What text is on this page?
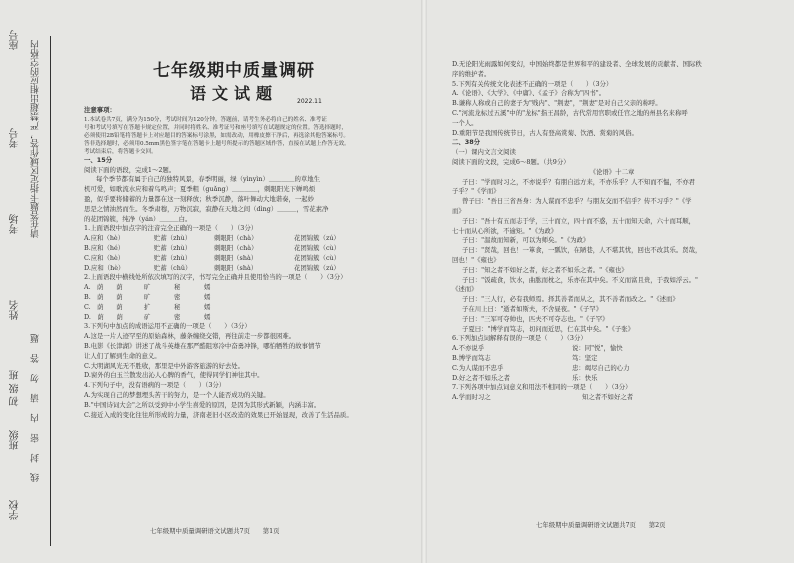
座号
考号
考场
姓名
初 级 班
班级
学校
请在答题卡指定区域作答，严禁超出相应的空格内
线 封 密 内 请 勿 答 题
七年级期中质量调研
语文试题	2022.11

注意事项：

1.本试卷共7页，满分为150分，考试时间为120分钟。答题前，请考生务必将自己的姓名、准考证

号和考试号填写在答题卡规定位置，并同时将姓名、准考证号和座号填写在试题规定的位置。答选择题时，

必须使用2B铅笔将答题卡上对应题目的答案标号涂黑，如需改动，用橡皮擦干净后，再选涂其他答案标号。

答非选择题时，必须用0.5mm黑色签字笔在答题卡上题号所提示的答题区域作答，直接在试题上作答无效。

考试结束后，将答题卡交回。

一、15分

阅读下面的语段，完成1～2题。

每个季节都有属于自己的独特风景，春季明丽，绿（yìnyìn）＿＿＿＿的草地生

机可爱，如歌流水应和着鸟鸣声；夏季粗（guǎng）＿＿＿＿，刺眼阳光下蝉鸣烦

盈，似乎要将储蓄的力量都在这一刻释放；秋季沉静，落叶舞动大地谐奏，一起妙

思是之情油然而生。冬季肃穆，万物沉寂，寂静在天地之间（dìng）＿＿＿，雪花素净

的花团锦簇，纯净（yán）＿＿＿白。

1.上面语段中加点字的注音完全正确的一项是（　　）（3分）

A.应和（hè）	贮蓄（zhù）	刺眼阳（chà）	花团锦簇（zú）
B.应和（hé）	贮蓄（zhù）	刺眼阳（chà）	花团锦簇（cù）
C.应和（hè）	贮蓄（zhù）	刺眼阳（shà）	花团锦簇（cù）
D.应和（hè）	贮蓄（chǔ）	刺眼阳（shà）	花团锦簇（zú）

2.上面语段中横线处所依次填写的汉字，书写完全正确并且使用恰当的一项是（　　）（3分）

A.　荫　　荫	旷	秘	嫣
B.　荫　　荫	旷	密	嫣
C.　荫　　荫	扩	秘	嫣
D.　荫　　荫	矿	密	嫣

3.下列句中加点的成语运用不正确的一项是（　　）（3分）

A.这是一片人迹罕至的原始森林，藤条缠绕交错，再往前走一步都很困难。

B.电影《长津湖》讲述了战斗英雄在那严酷阻寒冷中奋勇冲锋，哪怕牺牲的故事情节

让人们了解到生命的意义。

C.大明湖风光无不胜收，那里是中外游客旅游的好去处。

D.窗外的白玉兰散发出沁人心脾的香气，使得同学们神往其中。

4.下列句子中，没有语病的一项是（　　）（3分）

A.为实现自己的梦想埋头苦干的努力，是一个人能否成功的关键。

B."中国诗词大会"之所以受到中小学生喜爱的原因，是因为其形式新颖，内涵丰富。

C.接近入成的变化往往所形成的力量，济南老旧小区改造的效果已开始显现，改善了生活品质。

七年级期中质量调研语文试题共7页　　第1页

D.无论阳光雨露如何变幻，中国始终都是世界和平的建设者、全球发展的贡献者、国际秩

序的维护者。

5.下列有关传统文化表述不正确的一项是（　　）（3分）

A.《论语》、《大学》、《中庸》、《孟子》合称为"四书"。

B.谦称人称或自己的妻子为"贱内"、"荆妻"，"荆妻"是对自己父亲的称呼。

C."河流龙标过五溪"中的"龙标"指王昌龄，古代常用官职或任官之地的州县名来称呼

一个人。

D.重阳节是我国传统节日，古人有登高赏菊、饮酒、赏菊的风俗。

二、38分

（一）课内文言文阅读

阅读下面的文段，完成6～8题。（共9分）

《论语》十二章

子曰："学而时习之，不亦说乎？有朋自远方来，不亦乐乎？人不知而不愠，不亦君

子乎？"《学而》

曾子曰："吾日三省吾身：为人谋而不忠乎？与朋友交而不信乎？传不习乎？"《学

而》

子曰："吾十有五而志于学，三十而立，四十而不惑，五十而知天命，六十而耳顺，

七十而从心所欲，不逾矩。"《为政》

子曰："温故而知新，可以为师矣。"《为政》

子曰："贤哉，回也！一箪食，一瓢饮，在陋巷，人不堪其忧，回也不改其乐。贤哉，

回也！"《雍也》

子曰："知之者不如好之者，好之者不如乐之者。"《雍也》

子曰："饭疏食，饮水，曲肱而枕之，乐亦在其中矣。不义而富且贵，于我如浮云。"

《述而》

子曰："三人行，必有我师焉。择其善者而从之，其不善者而改之。"《述而》

子在川上曰："逝者如斯夫，不舍昼夜。"《子罕》

子曰："三军可夺帅也，匹夫不可夺志也。"《子罕》

子夏曰："博学而笃志，切问而近思，仁在其中矣。"《子张》

6.下列加点词解释有误的一项是（　　）（3分）

A.不亦说乎	说：同"悦"，愉快
B.博学而笃志	笃：坚定
C.为人谋而不忠乎	忠：竭尽自己的心力
D.好之者不如乐之者	乐：快乐

7.下列各项中加点词意义和用法不相同的一项是（　　）（3分）

A.学而时习之	知之者不如好之者
七年级期中质量调研语文试题共7页　　第2页
